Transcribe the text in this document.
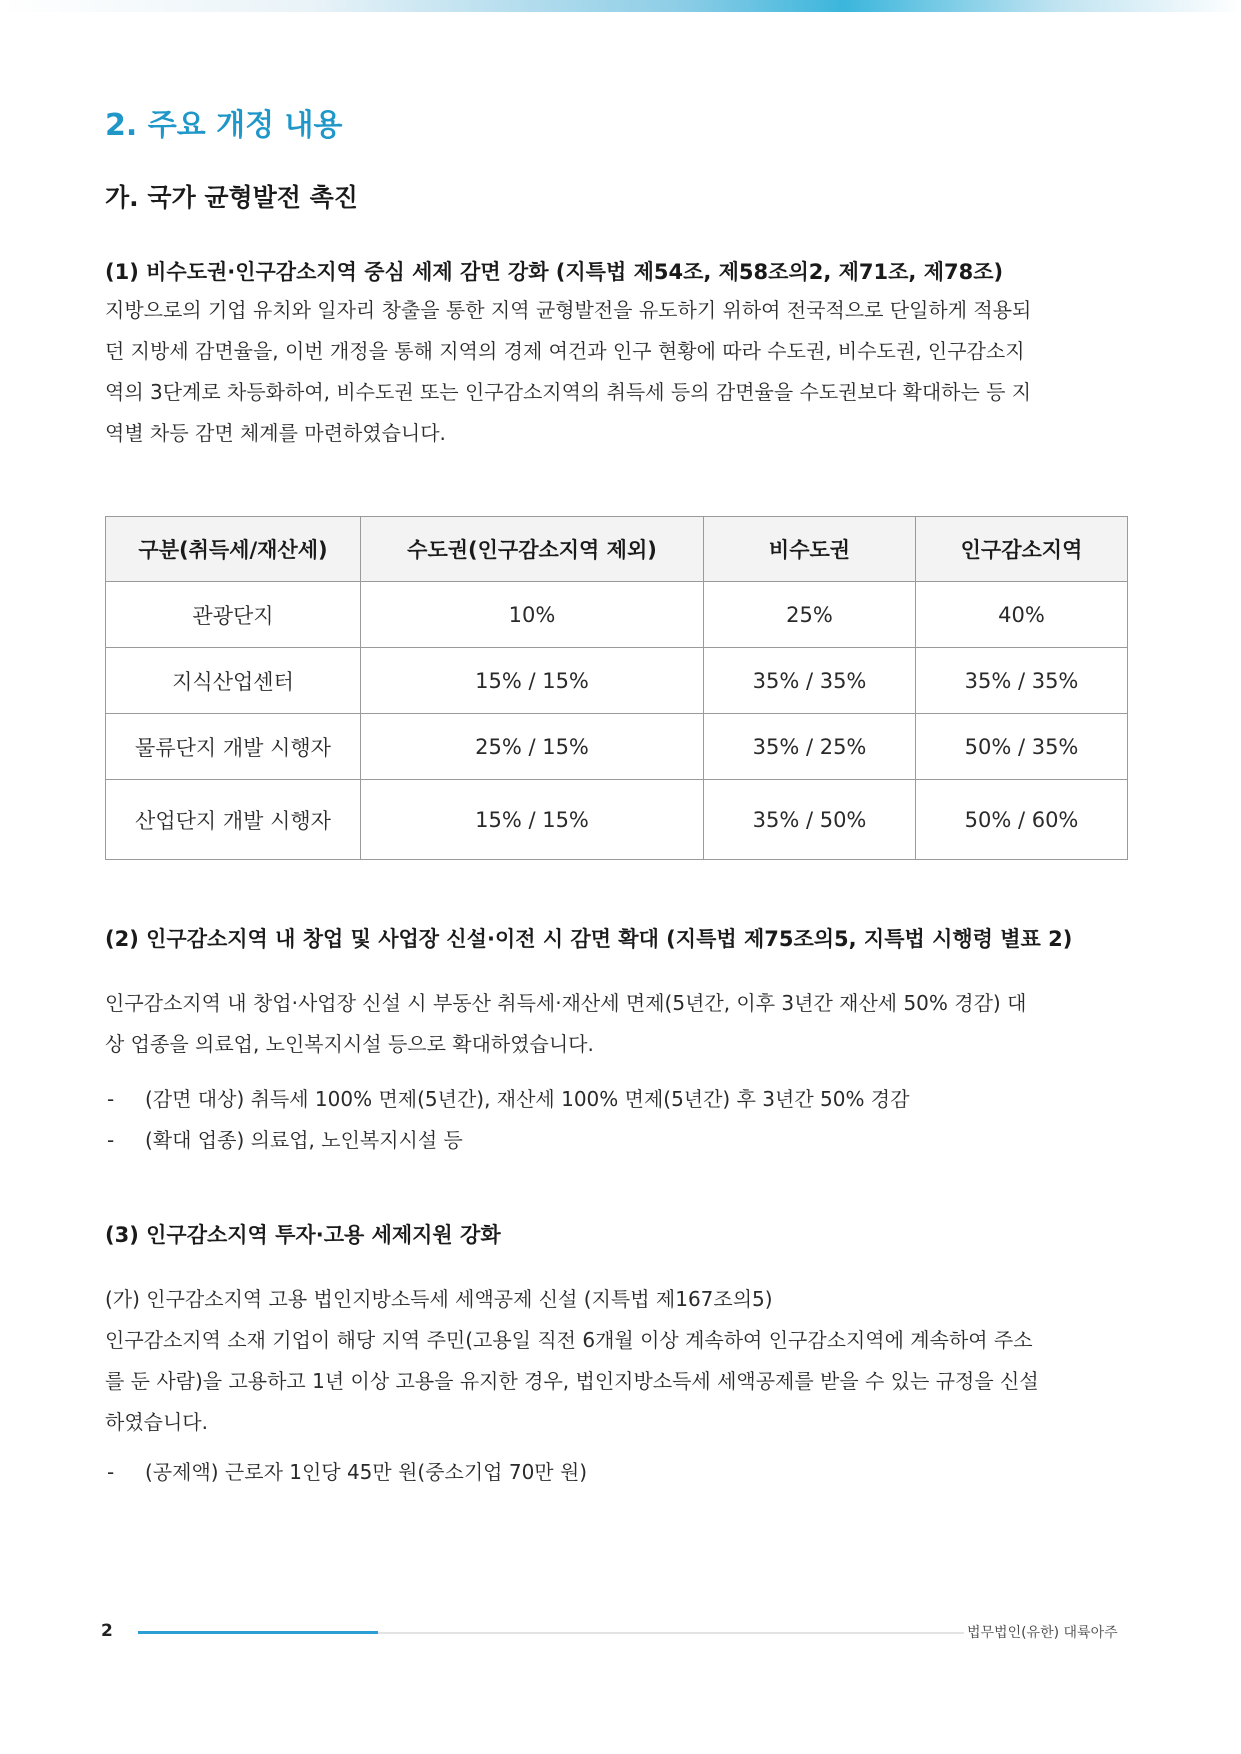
2. 주요 개정 내용
가. 국가 균형발전 촉진
(1) 비수도권·인구감소지역 중심 세제 감면 강화 (지특법 제54조, 제58조의2, 제71조, 제78조)

지방으로의 기업 유치와 일자리 창출을 통한 지역 균형발전을 유도하기 위하여 전국적으로 단일하게 적용되

던 지방세 감면율을, 이번 개정을 통해 지역의 경제 여건과 인구 현황에 따라 수도권, 비수도권, 인구감소지

역의 3단계로 차등화하여, 비수도권 또는 인구감소지역의 취득세 등의 감면율을 수도권보다 확대하는 등 지

역별 차등 감면 체계를 마련하였습니다.

구분(취득세/재산세)	수도권(인구감소지역 제외)	비수도권	인구감소지역
관광단지	10%	25%	40%
지식산업센터	15% / 15%	35% / 35%	35% / 35%
물류단지 개발 시행자	25% / 15%	35% / 25%	50% / 35%
산업단지 개발 시행자	15% / 15%	35% / 50%	50% / 60%
(2) 인구감소지역 내 창업 및 사업장 신설·이전 시 감면 확대 (지특법 제75조의5, 지특법 시행령 별표 2)

인구감소지역 내 창업·사업장 신설 시 부동산 취득세·재산세 면제(5년간, 이후 3년간 재산세 50% 경감) 대

상 업종을 의료업, 노인복지시설 등으로 확대하였습니다.

- (감면 대상) 취득세 100% 면제(5년간), 재산세 100% 면제(5년간) 후 3년간 50% 경감
- (확대 업종) 의료업, 노인복지시설 등
(3) 인구감소지역 투자·고용 세제지원 강화

(가) 인구감소지역 고용 법인지방소득세 세액공제 신설 (지특법 제167조의5)

인구감소지역 소재 기업이 해당 지역 주민(고용일 직전 6개월 이상 계속하여 인구감소지역에 계속하여 주소

를 둔 사람)을 고용하고 1년 이상 고용을 유지한 경우, 법인지방소득세 세액공제를 받을 수 있는 규정을 신설

하였습니다.

- (공제액) 근로자 1인당 45만 원(중소기업 70만 원)
2	법무법인(유한) 대륙아주
